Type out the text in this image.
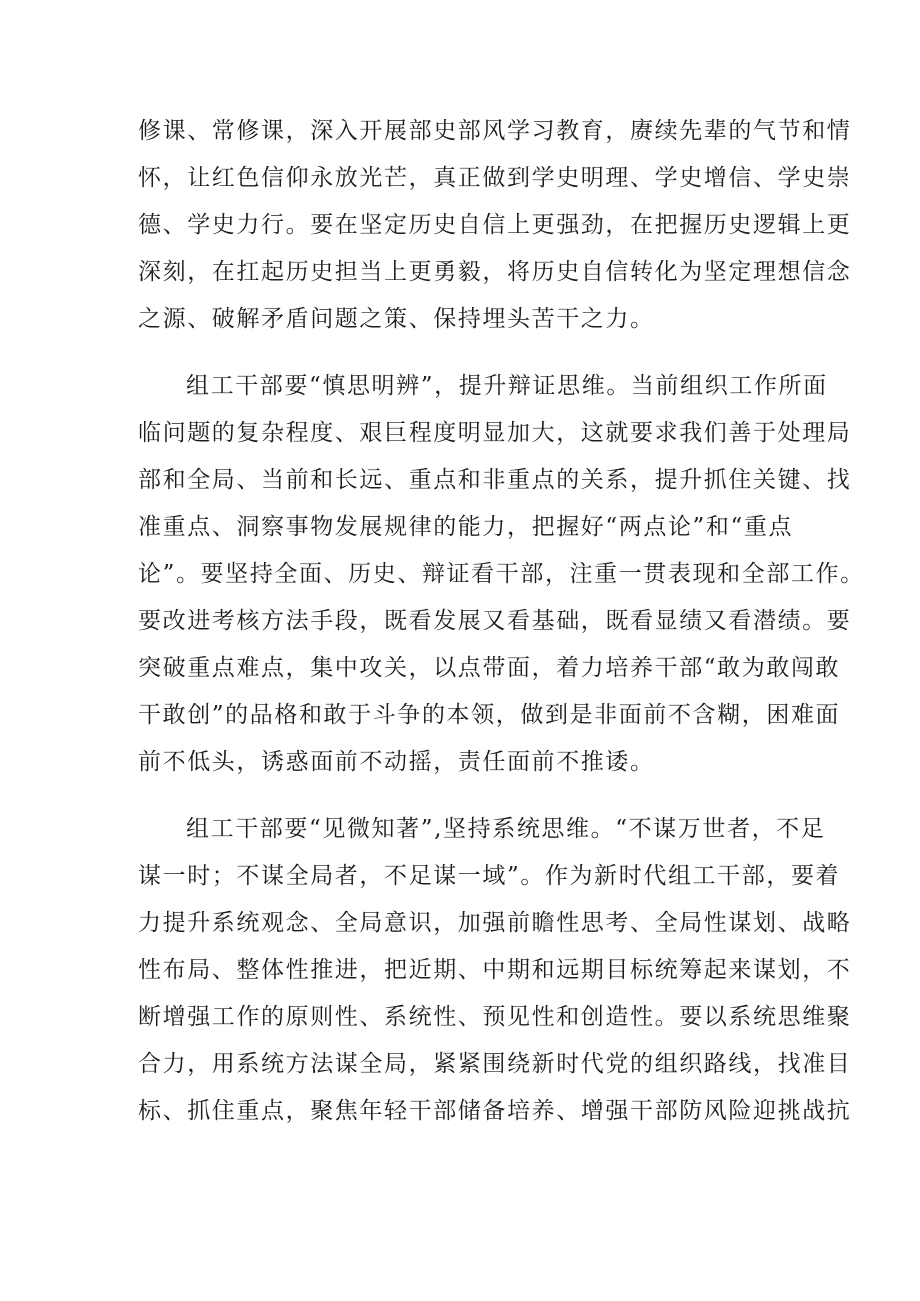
修课、常修课，深入开展部史部风学习教育，赓续先辈的气节和情
怀，让红色信仰永放光芒，真正做到学史明理、学史增信、学史崇
德、学史力行。要在坚定历史自信上更强劲，在把握历史逻辑上更
深刻，在扛起历史担当上更勇毅，将历史自信转化为坚定理想信念
之源、破解矛盾问题之策、保持埋头苦干之力。
组工干部要“慎思明辨”，提升辩证思维。当前组织工作所面
临问题的复杂程度、艰巨程度明显加大，这就要求我们善于处理局
部和全局、当前和长远、重点和非重点的关系，提升抓住关键、找
准重点、洞察事物发展规律的能力，把握好“两点论”和“重点
论”。要坚持全面、历史、辩证看干部，注重一贯表现和全部工作。
要改进考核方法手段，既看发展又看基础，既看显绩又看潜绩。要
突破重点难点，集中攻关，以点带面，着力培养干部“敢为敢闯敢
干敢创”的品格和敢于斗争的本领，做到是非面前不含糊，困难面
前不低头，诱惑面前不动摇，责任面前不推诿。
组工干部要“见微知著”,坚持系统思维。“不谋万世者，不足
谋一时；不谋全局者，不足谋一域”。作为新时代组工干部，要着
力提升系统观念、全局意识，加强前瞻性思考、全局性谋划、战略
性布局、整体性推进，把近期、中期和远期目标统筹起来谋划，不
断增强工作的原则性、系统性、预见性和创造性。要以系统思维聚
合力，用系统方法谋全局，紧紧围绕新时代党的组织路线，找准目
标、抓住重点，聚焦年轻干部储备培养、增强干部防风险迎挑战抗
